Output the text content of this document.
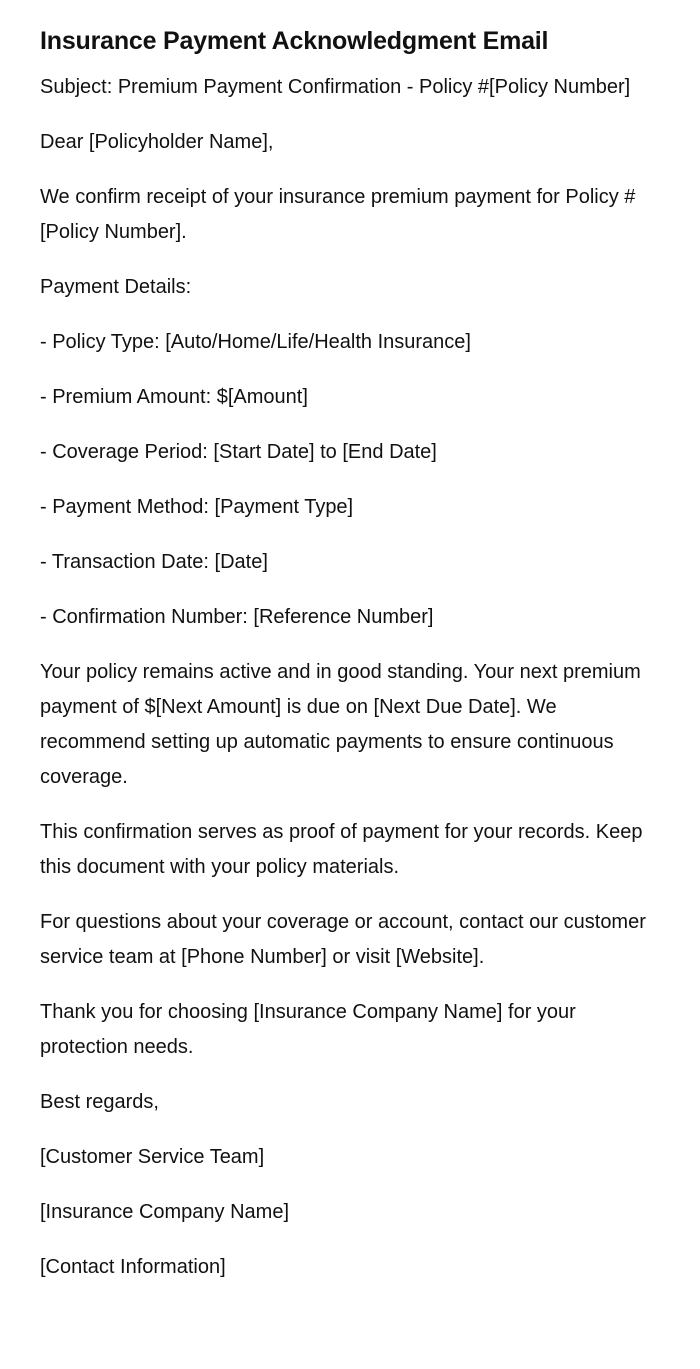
Insurance Payment Acknowledgment Email

Subject: Premium Payment Confirmation - Policy #[Policy Number]

Dear [Policyholder Name],

We confirm receipt of your insurance premium payment for Policy #[Policy Number].

Payment Details:

- Policy Type: [Auto/Home/Life/Health Insurance]

- Premium Amount: $[Amount]

- Coverage Period: [Start Date] to [End Date]

- Payment Method: [Payment Type]

- Transaction Date: [Date]

- Confirmation Number: [Reference Number]

Your policy remains active and in good standing. Your next premium payment of $[Next Amount] is due on [Next Due Date]. We recommend setting up automatic payments to ensure continuous coverage.

This confirmation serves as proof of payment for your records. Keep this document with your policy materials.

For questions about your coverage or account, contact our customer service team at [Phone Number] or visit [Website].

Thank you for choosing [Insurance Company Name] for your protection needs.

Best regards,

[Customer Service Team]

[Insurance Company Name]

[Contact Information]
